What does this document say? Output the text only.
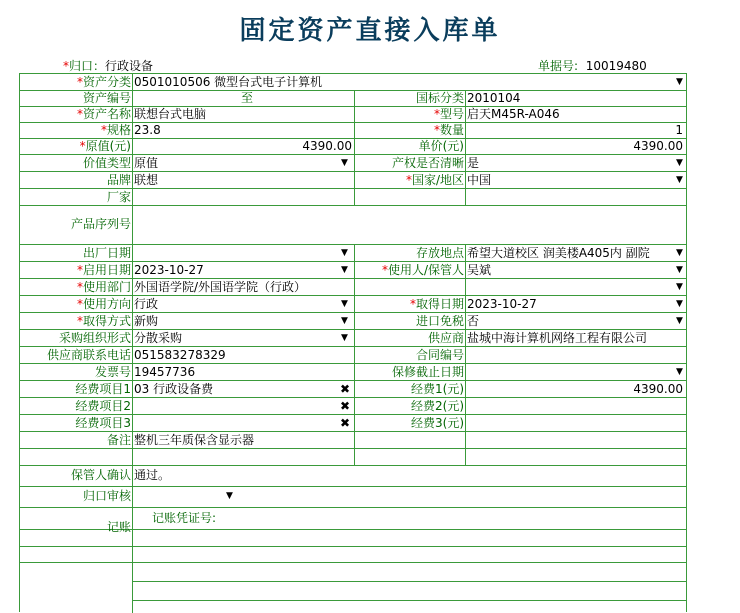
固定资产直接入库单
*归口：行政设备	单据号: 10019480
*资产分类 0501010506 微型台式电子计算机	▼
资产编号	至	国标分类 2010104
*资产名称 联想台式电脑	*型号 启天M45R-A046
*规格 23.8	*数量	1
*原值(元)	4390.00	单价(元)	4390.00
价值类型 原值	▼	产权是否清晰 是	▼
品牌 联想	*国家/地区 中国	▼
厂家
产品序列号
出厂日期	▼	存放地点 希望大道校区 润美楼A405内 副院	▼
*启用日期 2023-10-27	▼	*使用人/保管人 吴斌	▼
*使用部门 外国语学院/外国语学院（行政）	▼
*使用方向 行政	▼	*取得日期 2023-10-27	▼
*取得方式 新购	▼	进口免税 否	▼
采购组织形式 分散采购	▼	供应商 盐城中海计算机网络工程有限公司
供应商联系电话 051583278329	合同编号
发票号 19457736	保修截止日期	▼
经费项目1 03 行政设备费	✖	经费1(元)	4390.00
经费项目2	✖	经费2(元)
经费项目3	✖	经费3(元)
备注 整机三年质保含显示器
保管人确认 通过。
归口审核	▼
记账
记账凭证号:
